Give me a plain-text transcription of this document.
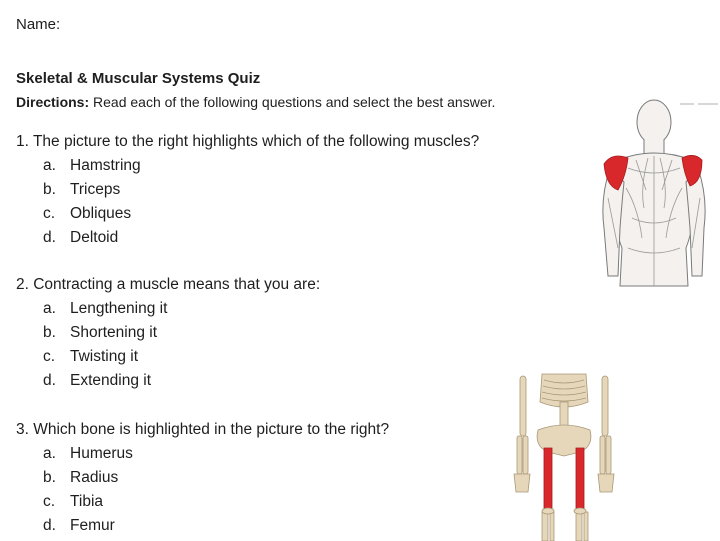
Name:
Skeletal & Muscular Systems Quiz
Directions: Read each of the following questions and select the best answer.
1. The picture to the right highlights which of the following muscles?
a. Hamstring
b. Triceps
c. Obliques
d. Deltoid
2. Contracting a muscle means that you are:
a. Lengthening it
b. Shortening it
c. Twisting it
d. Extending it
3. Which bone is highlighted in the picture to the right?
a. Humerus
b. Radius
c. Tibia
d. Femur
